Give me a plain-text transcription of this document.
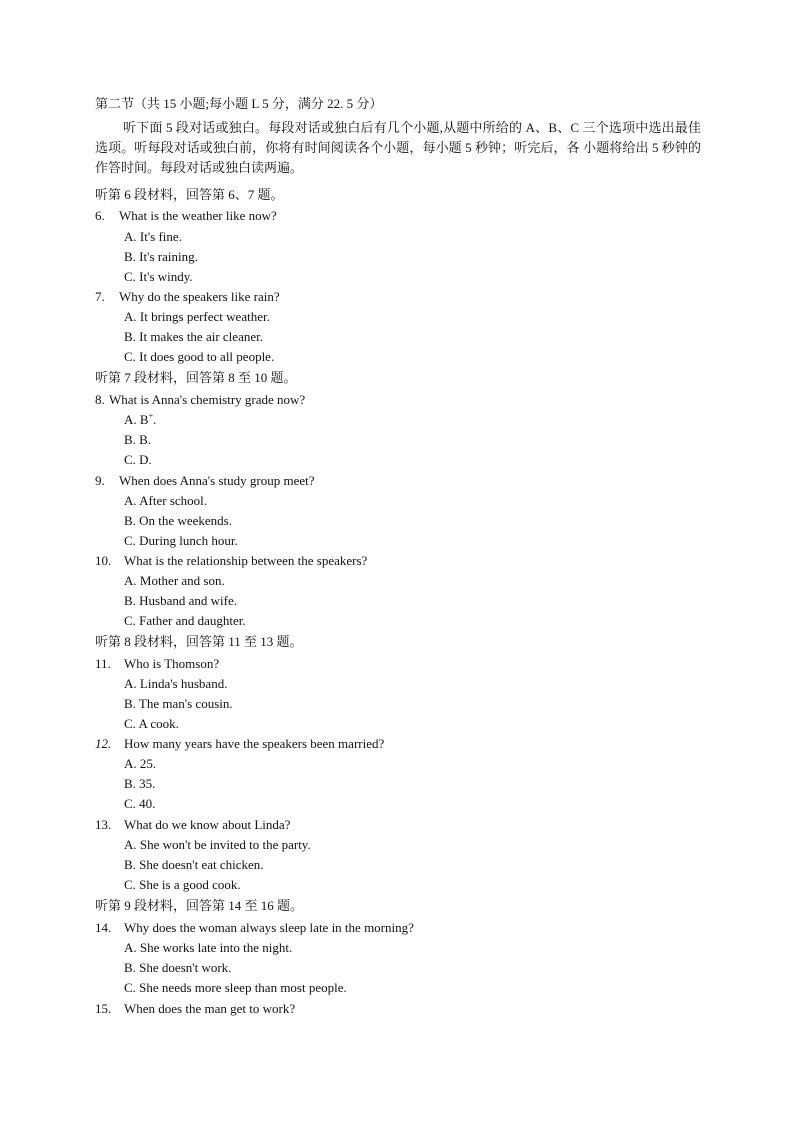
第二节（共 15 小题;每小题 L 5 分，满分 22. 5 分）
听下面 5 段对话或独白。每段对话或独白后有几个小题,从题中所给的 A、B、C 三个选项中选出最佳选项。听每段对话或独白前，你将有时间阅读各个小题，每小题 5 秒钟；听完后，各 小题将给出 5 秒钟的作答时间。每段对话或独白读两遍。
听第 6 段材料，回答第 6、7 题。
6. What is the weather like now?
A. It's fine.
B. It's raining.
C. It's windy.
7. Why do the speakers like rain?
A. It brings perfect weather.
B. It makes the air cleaner.
C. It does good to all people.
听第 7 段材料，回答第 8 至 10 题。
8. What is Anna's chemistry grade now?
A. B+.
B. B.
C. D.
9. When does Anna's study group meet?
A. After school.
B. On the weekends.
C. During lunch hour.
10. What is the relationship between the speakers?
A. Mother and son.
B. Husband and wife.
C. Father and daughter.
听第 8 段材料，回答第 11 至 13 题。
11. Who is Thomson?
A. Linda's husband.
B. The man's cousin.
C. A cook.
12. How many years have the speakers been married?
A. 25.
B. 35.
C. 40.
13. What do we know about Linda?
A. She won't be invited to the party.
B. She doesn't eat chicken.
C. She is a good cook.
听第 9 段材料，回答第 14 至 16 题。
14. Why does the woman always sleep late in the morning?
A. She works late into the night.
B. She doesn't work.
C. She needs more sleep than most people.
15. When does the man get to work?
